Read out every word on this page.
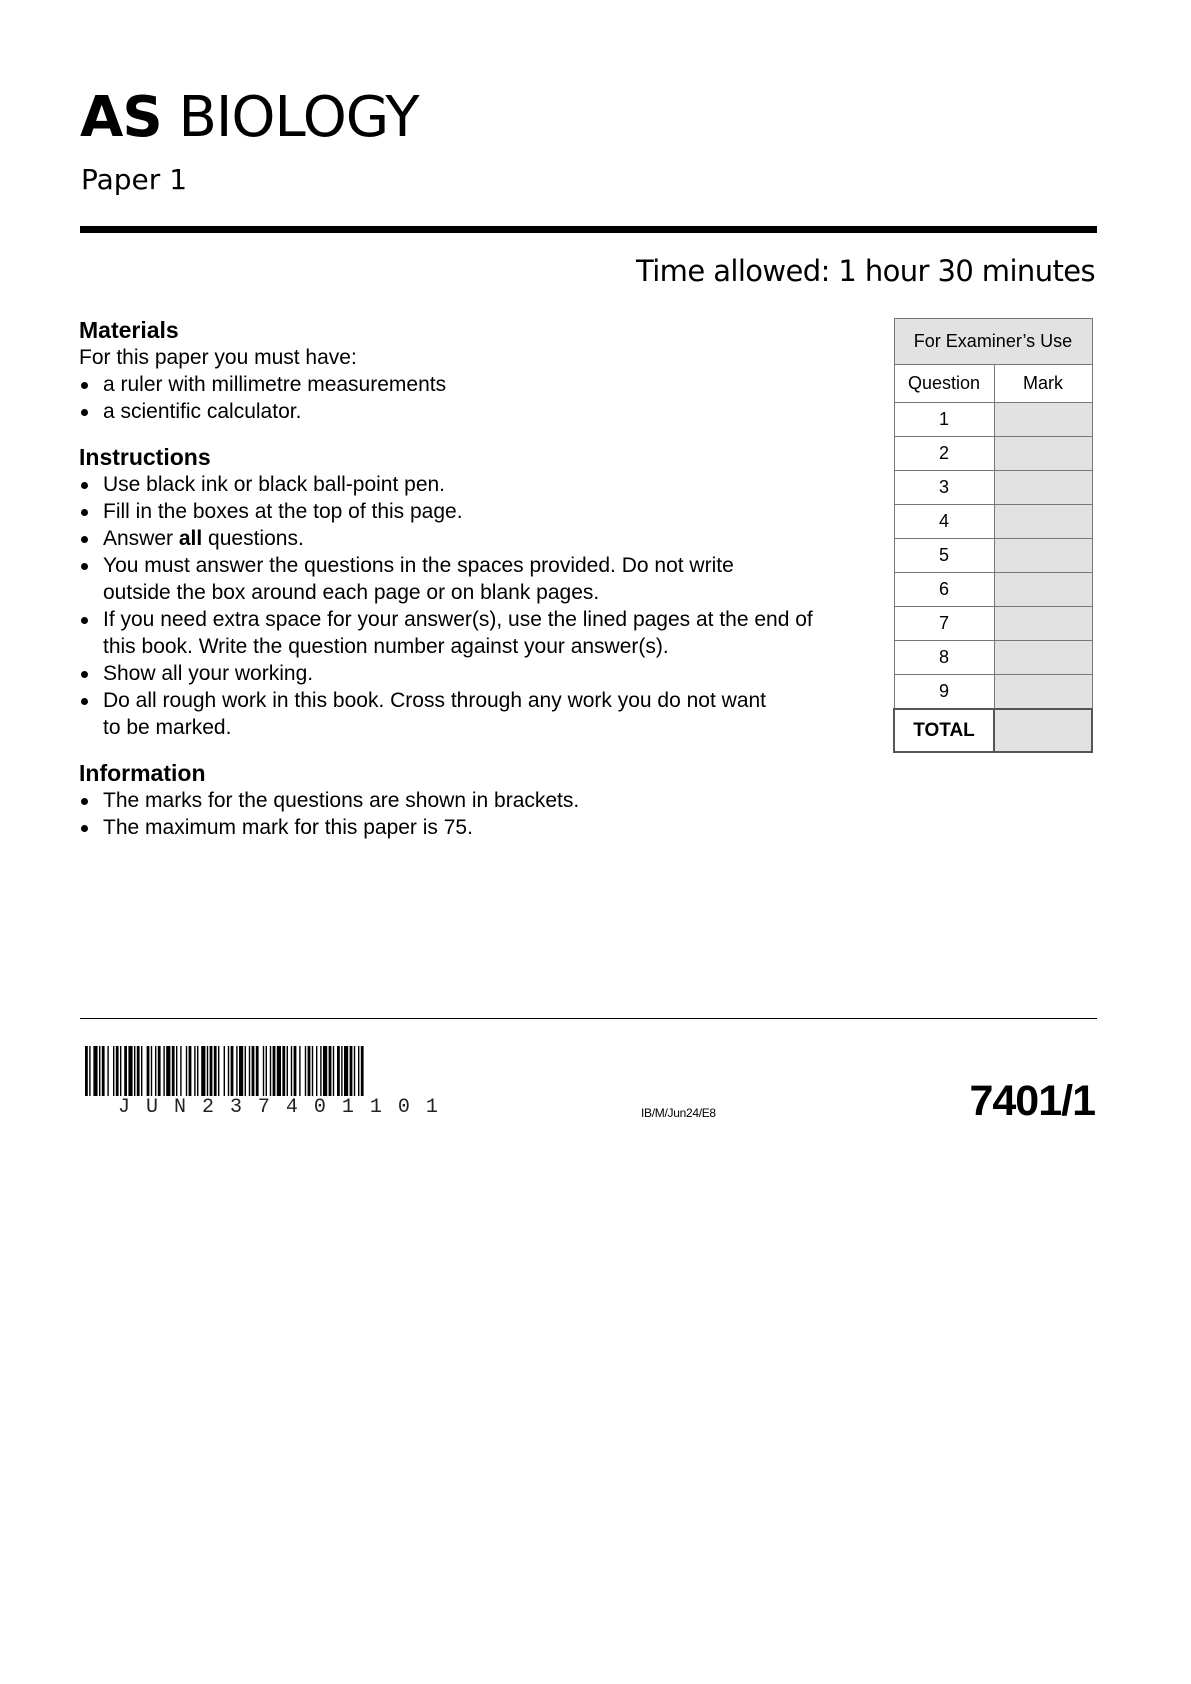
AS BIOLOGY
Paper 1
Time allowed: 1 hour 30 minutes

Materials

For this paper you must have:

a ruler with millimetre measurements
a scientific calculator.

Instructions

Use black ink or black ball-point pen.
Fill in the boxes at the top of this page.
Answer all questions.
You must answer the questions in the spaces provided. Do not write
outside the box around each page or on blank pages.
If you need extra space for your answer(s), use the lined pages at the end of
this book. Write the question number against your answer(s).
Show all your working.
Do all rough work in this book. Cross through any work you do not want
to be marked.

Information

The marks for the questions are shown in brackets.
The maximum mark for this paper is 75.
For Examiner’s Use	
Question	Mark
1	
2	
3	
4	
5	
6	
7	
8	
9	
TOTAL	
J U N 2 3 7 4 0 1 1 0 1	IB/M/Jun24/E8	7401/1
